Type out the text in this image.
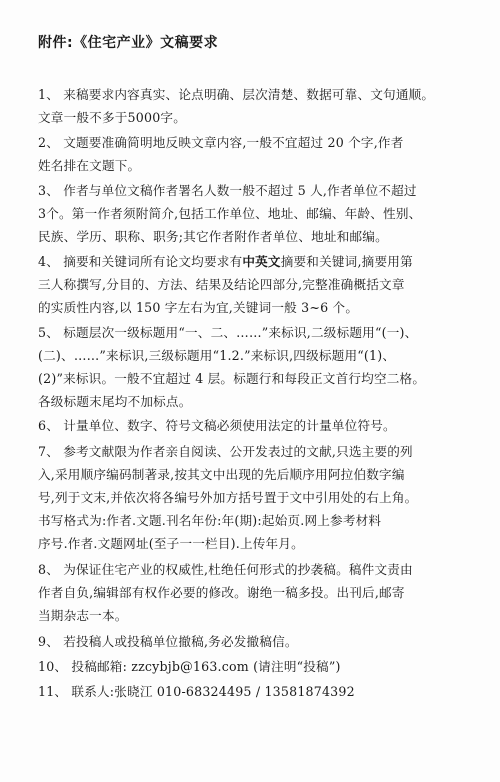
附件:《住宅产业》文稿要求
1、 来稿要求内容真实、论点明确、层次清楚、数据可靠、文句通顺。
文章一般不多于5000字。
2、 文题要准确简明地反映文章内容,一般不宜超过 20 个字,作者
姓名排在文题下。
3、 作者与单位文稿作者署名人数一般不超过 5 人,作者单位不超过
3个。第一作者须附简介,包括工作单位、地址、邮编、年龄、性别、
民族、学历、职称、职务;其它作者附作者单位、地址和邮编。
4、 摘要和关键词所有论文均要求有中英文摘要和关键词,摘要用第
三人称撰写,分目的、方法、结果及结论四部分,完整准确概括文章
的实质性内容,以 150 字左右为宜,关键词一般 3~6 个。
5、 标题层次一级标题用“一、二、……”来标识,二级标题用“(一)、
(二)、……”来标识,三级标题用“1.2.”来标识,四级标题用“(1)、
(2)”来标识。一般不宜超过 4 层。标题行和每段正文首行均空二格。
各级标题末尾均不加标点。
6、 计量单位、数字、符号文稿必须使用法定的计量单位符号。
7、 参考文献限为作者亲自阅读、公开发表过的文献,只选主要的列
入,采用顺序编码制著录,按其文中出现的先后顺序用阿拉伯数字编
号,列于文末,并依次将各编号外加方括号置于文中引用处的右上角。
书写格式为:作者.文题.刊名年份:年(期):起始页.网上参考材料
序号.作者.文题网址(至子一一栏目).上传年月。
8、 为保证住宅产业的权威性,杜绝任何形式的抄袭稿。稿件文责由
作者自负,编辑部有权作必要的修改。谢绝一稿多投。出刊后,邮寄
当期杂志一本。
9、 若投稿人或投稿单位撤稿,务必发撤稿信。
10、 投稿邮箱: zzcybjb@163.com (请注明“投稿”)
11、 联系人:张晓江 010-68324495 / 13581874392
